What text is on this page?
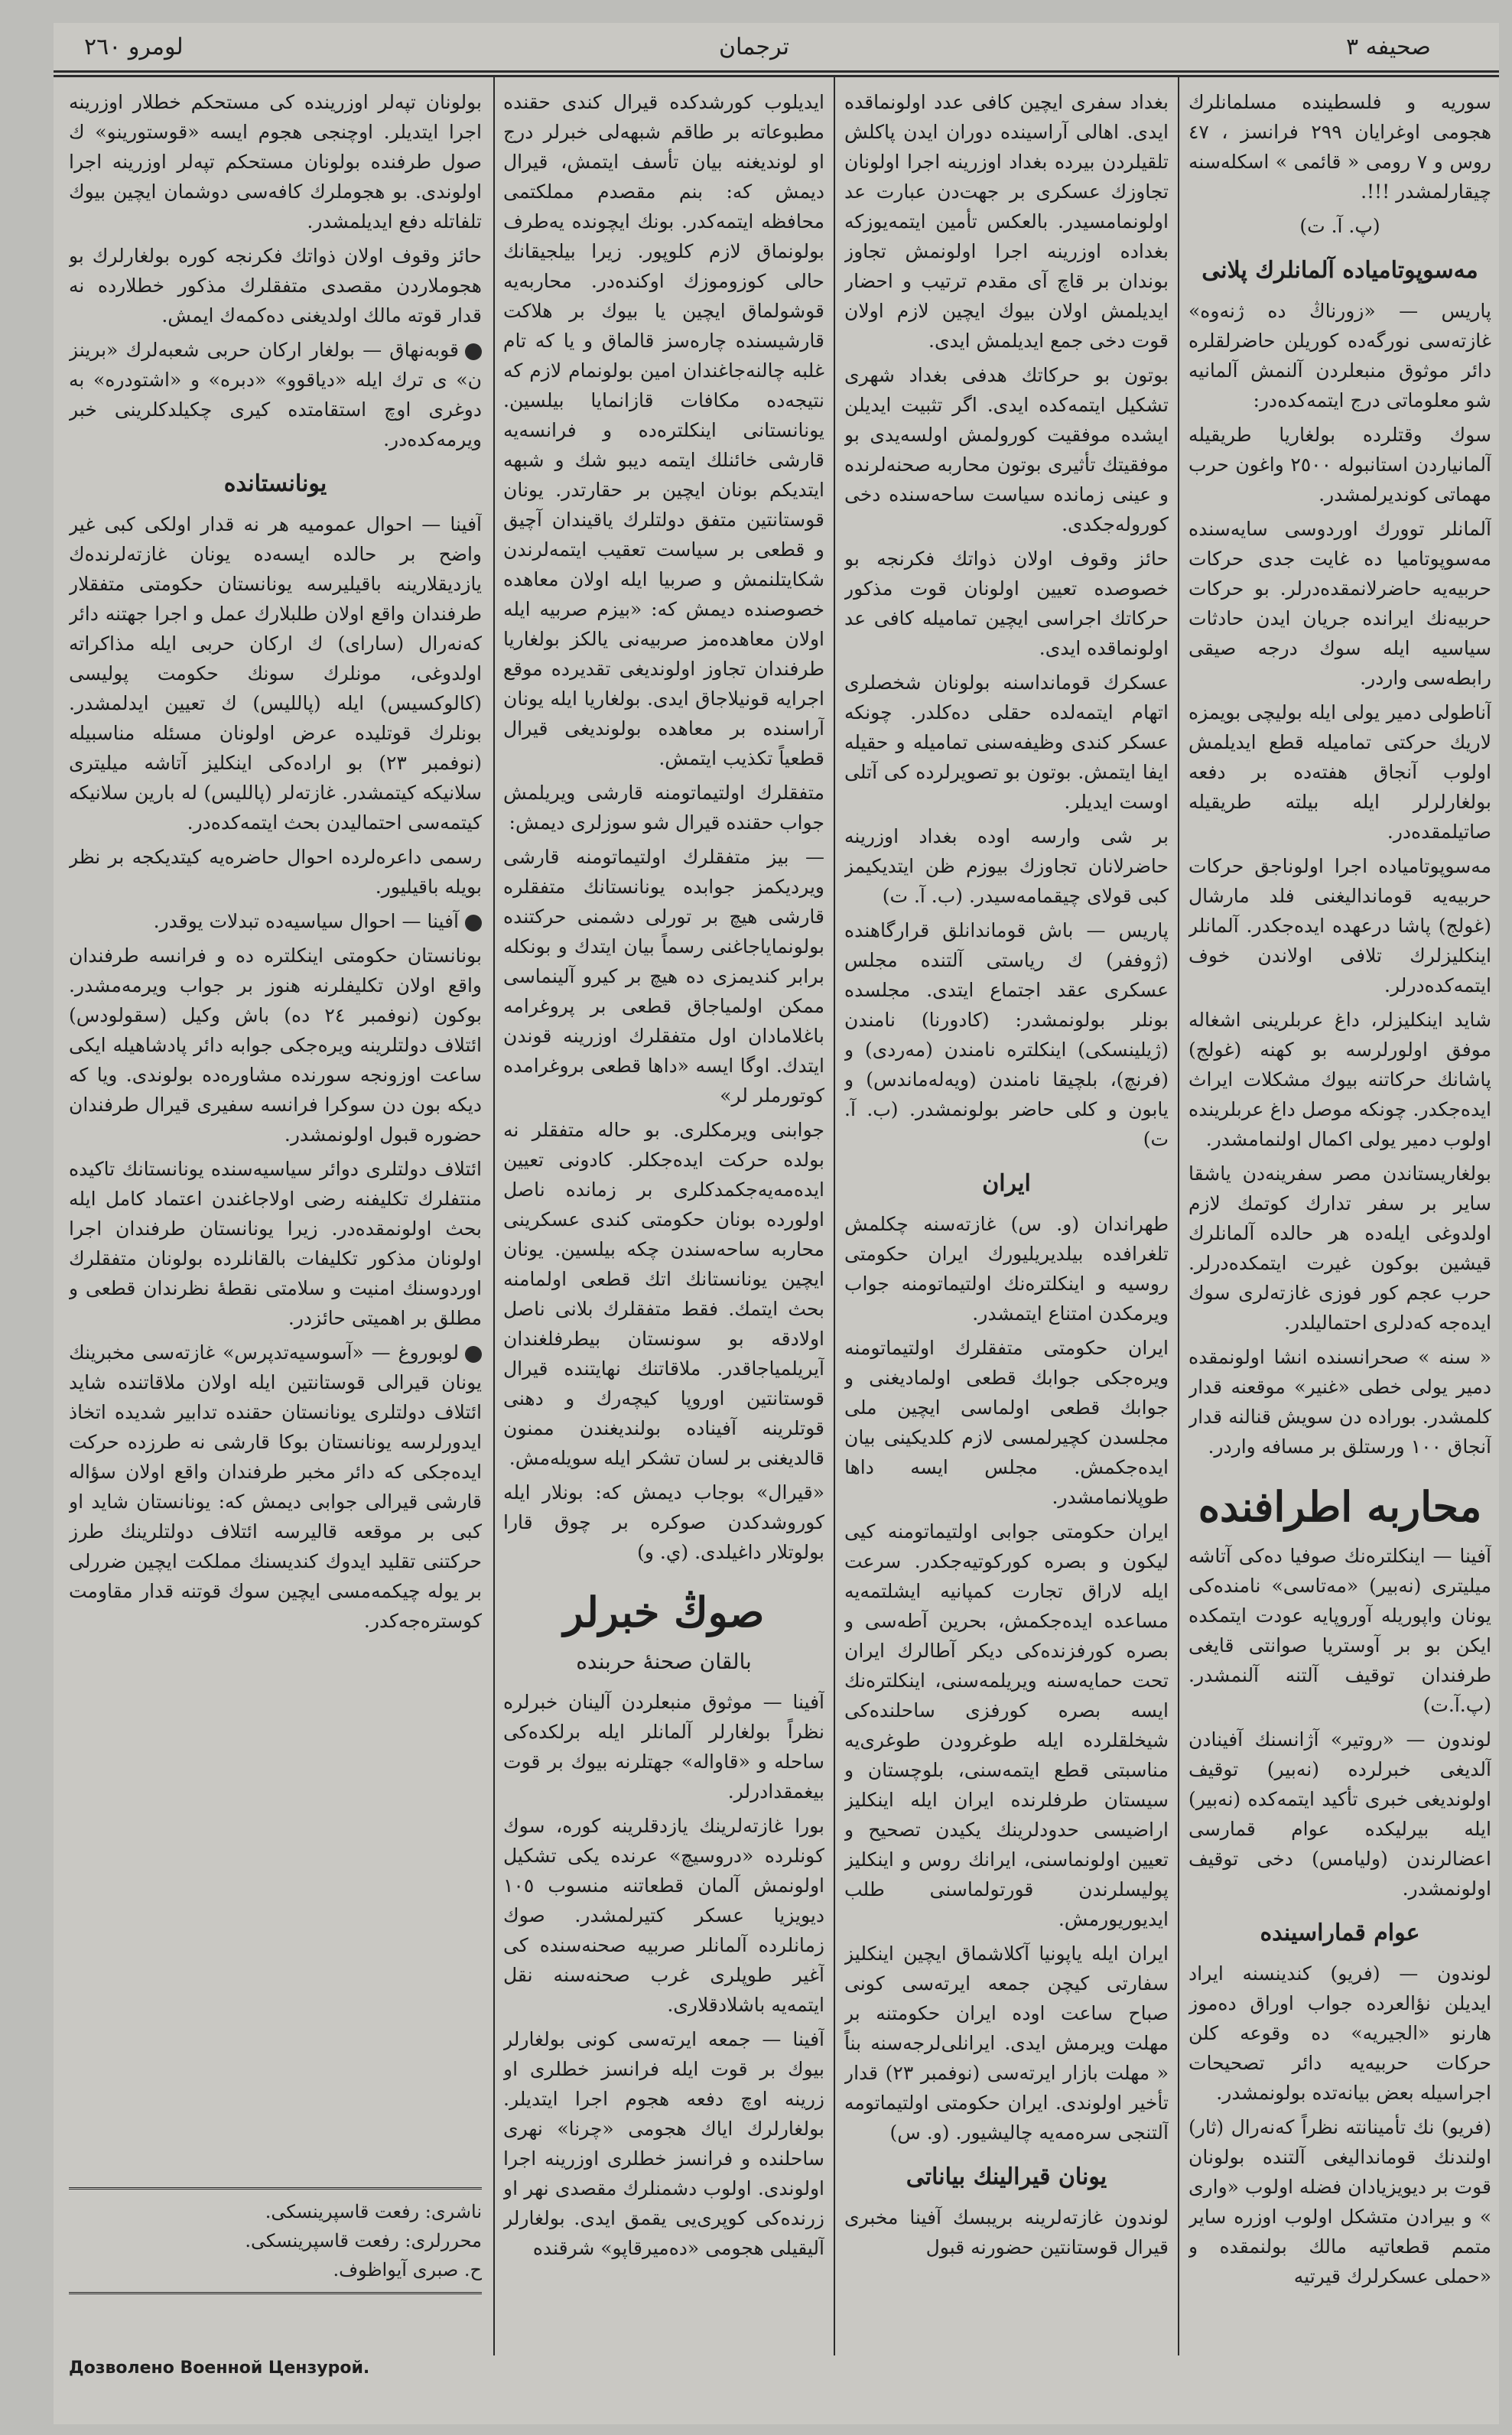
لومرو ٢٦٠	ترجمان	صحيفه ٣

سوريه و فلسطينده مسلمانلرك هجومى اوغرايان ٢٩٩ فرانسز ، ٤٧ روس و ٧ رومى « قائمى » اسكله‌سنه چيقارلمشدر !!!.

(پ. آ. ت)

مه‌سوپوتاميا‌ده آلمانلرك پلانى

پاريس — «زورناڭ ده ژنه‌وه» غازته‌سى نورگه‌ده كوريلن حاضرلقلره دائر موثوق منبعلردن آلنمش آلمانيه شو معلوماتى درج ايتمه‌كده‌در:

سوك وقتلرده بولغاريا طريقيله آلمانياردن استانبوله ٢٥٠٠ واغون حرب مهماتى كونديرلمشدر.

آلمانلر توورك اوردوسى سايه‌سنده مه‌سوپوتاميا ده غايت جدى حركات حربيه‌يه حاضرلانمقده‌درلر. بو حركات حربيه‌نك ايرانده جريان ايدن حادثات سياسيه ايله سوك درجه صيقى رابطه‌سى واردر.

آناطولى دمير يولى ايله بوليچى بويمزه لاريك حركتى تماميله قطع ايديلمش اولوب آنجاق هفته‌ده بر دفعه بولغارلرلر ايله بيلته طريقيله صاتيلمقده‌در.

مه‌سوپوتاميا‌ده اجرا اولوناجق حركات حربيه‌يه قومانداليغنى فلد مارشال (غولج) پاشا درعهده ايده‌جكدر. آلمانلر اينكليزلرك تلافى اولاندن خوف ايتمه‌كده‌درلر.

شايد اينكليزلر، داغ عربلرينى اشغاله موفق اولورلرسه بو كهنه (غولج) پاشانك حركاتنه بيوك مشكلات ايراث ايده‌جكدر. چونكه موصل داغ عربلرينده اولوب دمير يولى اكمال اولنمامشدر.

بولغاريستاندن مصر سفرينه‌دن ياشقا ساير بر سفر تدارك كوتمك لازم اولدوغى ايله‌ده هر حالده آلمانلرك قيشين بوكون غيرت ايتمكده‌درلر. حرب عجم كور فوزى غازته‌لرى سوك ايده‌جه كه‌دلرى احتماليلدر.

« سنه » صحرانسنده انشا اولونمقده دمير يولى خطى «غنير» موقعنه قدار كلمشدر. بوراده دن سويش قنالنه قدار آنجاق ١٠٠ ورستلق بر مسافه واردر.

محاربه اطرافنده

آفينا — اينكلتره‌نك صوفيا ده‌كى آتاشه ميليترى (نه‌بير) «مه‌تاسى» نامنده‌كى يونان واپوريله آوروپايه عودت ايتمكده ايكن بو بر آوستريا صوانتى قايغى طرفندان توقيف آلتنه آلنمشدر. (پ.آ.ت)

لوندون — «روتير» آژانسنك آفينادن آلديغى خبرلرده (نه‌بير) توقيف اولونديغى خبرى تأكيد ايتمه‌كده (نه‌بير) ايله بيرليكده عوام قمارسى اعضالرندن (وليامس) دخى توقيف اولونمشدر.

عوام قماراسينده

لوندون — (فريو) كندينسنه ايراد ايديلن نؤالعرده جواب اوراق ده‌موز هارنو «الجيريه» ده وقوعه كلن حركات حربيه‌يه دائر تصحيحات اجراسيله بعض بيانه‌تده بولونمشدر.

(فريو) نك تأمينانته نظراً كه‌نه‌رال (ثار) اولندنك قومانداليغى آلتنده بولونان قوت بر ديويزيادان فضله اولوب «وارى » و بيرادن متشكل اولوب اوزره ساير متمم قطعاتيه مالك بولنمقده و «حملى عسكرلرك قيرتيه

بغداد سفرى ايچين كافى عدد اولونماقده ايدى. اهالى آراسينده دوران ايدن پاكلش تلقيلردن بيرده بغداد اوزرينه اجرا اولونان تجاوزك عسكرى بر جهت‌دن عبارت عد اولونمامسيدر. بالعكس تأمين ايتمه‌يوزكه بغداده اوزرينه اجرا اولونمش تجاوز بوندان بر قاچ آى مقدم ترتيب و احضار ايديلمش اولان بيوك ايچين لازم اولان قوت دخى جمع ايديلمش ايدى.

بوتون بو حركاتك هدفى بغداد شهرى تشكيل ايتمه‌كده ايدى. اگر تثبيت ايديلن ايشده موفقيت كورولمش اولسه‌يدى بو موفقيتك تأثيرى بوتون محاربه صحنه‌لرنده و عينى زمانده سياست ساحه‌سنده دخى كوروله‌جكدى.

حائز وقوف اولان ذواتك فكرنجه بو خصوصده تعيين اولونان قوت مذكور حركاتك اجراسى ايچين تماميله كافى عد اولونماقده ايدى.

عسكرك قومانداسنه بولونان شخصلرى اتهام ايتمه‌لده حقلى ده‌كلدر. چونكه عسكر كندى وظيفه‌سنى تماميله و حقيله ايفا ايتمش. بوتون بو تصويرلرده كى آتلى اوست ايديلر.

بر شى وارسه اوده بغداد اوزرينه حاضرلانان تجاوزك بيوزم ظن ايتديكيمز كبى قولاى چيقمامه‌سيدر. (ب. آ. ت)

پاريس — باش قوماندانلق قرارگاهنده (ژوففر) ك رياستى آلتنده مجلس عسكرى عقد اجتماع ايتدى. مجلسده بونلر بولونمشدر: (كادورنا) نامندن (ژيلينسكى) اينكلتره نامندن (مه‌ردى) و (فرنچ)، بلچيقا نامندن (ويه‌له‌ماندس) و يابون و كلى حاضر بولونمشدر. (ب. آ. ت)

ايران

طهراندان (و. س) غازته‌سنه چكلمش تلغرافده بيلديريليورك ايران حكومتى روسيه و اينكلتره‌نك اولتيماتومنه جواب ويرمكدن امتناع ايتمشدر.

ايران حكومتى متفقلرك اولتيماتومنه ويره‌جكى جوابك قطعى اولماديغنى و جوابك قطعى اولماسى ايچين ملى مجلسدن كچيرلمسى لازم كلديكينى بيان ايده‌جكمش. مجلس ايسه داها طوپلانمامشدر.

ايران حكومتى جوابى اولتيماتومنه كيى ليكون و بصره كوركوتيه‌جكدر. سرعت ايله لاراق تجارت كمپانيه ايشلتمه‌يه مساعده ايده‌جكمش، بحرين آطه‌سى و بصره كورفزنده‌كى ديكر آطالرك ايران تحت حمايه‌سنه ويريلمه‌سنى، اينكلتره‌نك ايسه بصره كورفزى ساحلنده‌كى شيخلقلرده ايله طوغرودن طوغرى‌يه مناسبتى قطع ايتمه‌سنى، بلوچستان و سيستان طرفلرنده ايران ايله اينكليز اراضيسى حدودلرينك يكيدن تصحيح و تعيين اولونماسنى، ايرانك روس و اينكليز پوليسلرندن قورتولماسنى طلب ايديوريورمش.

ايران ايله ياپونيا آكلاشماق ايچين اينكليز سفارتى كيچن جمعه ايرته‌سى كونى صباح ساعت اوده ايران حكومتنه بر مهلت ويرمش ايدى. ايرانلى‌لرجه‌سنه بناً « مهلت بازار ايرته‌سى (نوفمبر ٢٣) قدار تأخير اولوندى. ايران حكومتى اولتيماتومه آلتنجى سره‌مه‌يه چاليشيور. (و. س)

يونان قيرالينك بياناتى

لوندون غازته‌لرينه بريبسك آفينا مخبرى قيرال قوستانتين حضورنه قبول

ايديلوب كورشدكده قيرال كندى حقنده مطبوعاته بر طاقم شبهه‌لى خبرلر درج او لونديغنه بيان تأسف ايتمش، قيرال ديمش كه: بنم مقصدم مملكتمى محافظه ايتمه‌كدر. بونك ايچونده يه‌طرف بولونماق لازم كلوپور. زيرا بيلجيقانك حالى كوزوموزك اوكنده‌در. محاربه‌يه قوشولماق ايچين يا بيوك بر هلاكت قارشيسنده چاره‌سز قالماق و يا كه تام غلبه چالنه‌جاغندان امين بولونمام لازم كه نتيجه‌ده مكافات قازانمايا بيلسين. يونانستانى اينكلتره‌ده و فرانسه‌يه قارشى خائنلك ايتمه ديبو شك و شبهه ايتديكم بونان ايچين بر حقارتدر. يونان قوستانتين متفق دولتلرك ياقيندان آچيق و قطعى بر سياست تعقيب ايتمه‌لرندن شكايتلنمش و صربيا ايله اولان معاهده خصوصنده ديمش كه: «بيزم صربيه ايله اولان معاهده‌مز صربيه‌نى يالكز بولغاريا طرفندان تجاوز اولونديغى تقديرده موقع اجرايه قونيلاجاق ايدى. بولغاريا ايله يونان آراسنده بر معاهده بولونديغى قيرال قطعياً تكذيب ايتمش.

متفقلرك اولتيماتومنه قارشى ويريلمش جواب حقنده قيرال شو سوزلرى ديمش:

— بيز متفقلرك اولتيماتومنه قارشى ويرديكمز جوابده يونانستانك متفقلره قارشى هيچ بر تورلى دشمنى حركتنده بولونماياجاغنى رسماً بيان ايتدك و بونكله برابر كنديمزى ده هيچ بر كيرو آلينماسى ممكن اولمياجاق قطعى بر پروغرامه باغلامادان اول متفقلرك اوزرينه قوندن ايتدك. اوگا ايسه «داها قطعى بروغرامده كوتورملر لر»

جوابنى ويرمكلرى. بو حاله متفقلر نه بولده حركت ايده‌جكلر. كادونى تعيين ايده‌مه‌يه‌جكمدكلرى بر زمانده ناصل اولورده بونان حكومتى كندى عسكرينى محاربه ساحه‌سندن چكه بيلسين. يونان ايچين يونانستانك اتك قطعى اولمامنه بحث ايتمك. فقط متفقلرك بلانى ناصل اولادقه بو سونستان بيطرفلغندان آيريلمياجاقدر. ملاقاتنك نهايتنده قيرال قوستانتين اوروپا كيچه‌رك و دهنى قوتلرينه آفيناده بولنديغندن ممنون قالديغنى بر لسان تشكر ايله سويله‌مش.

«قيرال» بوجاب ديمش كه: بونلار ايله كوروشدكدن صوكره بر چوق قارا بولوتلار داغيلدى. (ي. و)

صوڭ خبرلر

بالقان صحنهٔ حربنده

آفينا — موثوق منبعلردن آلينان خبرلره نظراً بولغارلر آلمانلر ايله برلكده‌كى ساحله و «قاواله» جهتلرنه بيوك بر قوت بيغمقدادرلر.

بورا غازته‌لرينك يازدقلرينه كوره، سوك كونلرده «دروسيچ» عرنده يكى تشكيل اولونمش آلمان قطعاتنه منسوب ١٠٥ ديويزيا عسكر كتيرلمشدر. صوك زمانلرده آلمانلر صربيه صحنه‌سنده كى آغير طوپلرى غرب صحنه‌سنه نقل ايتمه‌يه باشلادقلارى.

آفينا — جمعه ايرته‌سى كونى بولغارلر بيوك بر قوت ايله فرانسز خطلرى او زرينه اوچ دفعه هجوم اجرا ايتديلر. بولغارلرك اياك هجومى «چرنا» نهرى ساحلنده و فرانسز خطلرى اوزرينه اجرا اولوندى. اولوب دشمنلرك مقصدى نهر او زرنده‌كى كوپرى‌يى يقمق ايدى. بولغارلر آليقيلى هجومى «ده‌ميرقاپو» شرقنده

بولونان تپه‌لر اوزرينده كى مستحكم خطلار اوزرينه اجرا ايتديلر. اوچنجى هجوم ايسه «قوستورينو» ك صول طرفنده بولونان مستحكم تپه‌لر اوزرينه اجرا اولوندى. بو هجوملرك كافه‌سى دوشمان ايچين بيوك تلفاتله دفع ايديلمشدر.

حائز وقوف اولان ذواتك فكرنجه كوره بولغارلرك بو هجوملاردن مقصدى متفقلرك مذكور خطلارده نه قدار قوته مالك اولديغنى ده‌كمه‌ك ايمش.

قوبه‌نهاق — بولغار اركان حربى شعبه‌لرك «برينز ن» ى ترك ايله «دياقوو» «دبره» و «اشتودره» به دوغرى اوچ استقامتده كيرى چكيلدكلرينى خبر ويرمه‌كده‌در.

يونانستانده

آفينا — احوال عموميه هر نه قدار اولكى كبى غير واضح بر حالده ايسه‌ده يونان غازته‌لرنده‌ك يازديقلارينه باقيليرسه يونانستان حكومتى متفقلار طرفندان واقع اولان طلبلارك عمل و اجرا جهتنه دائر كه‌نه‌رال (ساراى) ك اركان حربى ايله مذاكراته اولدوغى، مونلرك سونك حكومت پوليسى (كالوكسيس) ايله (پالليس) ك تعيين ايدلمشدر. بونلرك قوتليده عرض اولونان مسئله مناسبيله (نوفمبر ٢٣) بو اراده‌كى اينكليز آتاشه ميليترى سلانيكه كيتمشدر. غازته‌لر (پالليس) له بارين سلانيكه كيتمه‌سى احتماليدن بحث ايتمه‌كده‌در.

رسمى داعره‌لرده احوال حاضره‌يه كيتديكجه بر نظر بويله باقيليور.

آفينا — احوال سياسيه‌ده تبدلات يوقدر.

بونانستان حكومتى اينكلتره ده و فرانسه طرفندان واقع اولان تكليفلرنه هنوز بر جواب ويرمه‌مشدر. بوكون (نوفمبر ٢٤ ده) باش وكيل (سقولودس) ائتلاف دولتلرينه ويره‌جكى جوابه دائر پادشاهيله ايكى ساعت اوزونجه سورنده مشاوره‌ده بولوندى. ويا كه ديكه بون دن سوكرا فرانسه سفيرى قيرال طرفندان حضوره قبول اولونمشدر.

ائتلاف دولتلرى دوائر سياسيه‌سنده يونانستانك تاكيده منتفلرك تكليفنه رضى اولاجاغندن اعتماد كامل ايله بحث اولونمقده‌در. زيرا يونانستان طرفندان اجرا اولونان مذكور تكليفات بالقانلرده بولونان متفقلرك اوردوسنك امنيت و سلامتى نقطهٔ نظرندان قطعى و مطلق بر اهميتى حائزدر.

لوبوروغ — «آسوسيه‌تدپرس» غازته‌سى مخبرينك يونان قيرالى قوستانتين ايله اولان ملاقاتنده شايد ائتلاف دولتلرى يونانستان حقنده تدابير شديده اتخاذ ايدورلرسه يونانستان بوكا قارشى نه طرزده حركت ايده‌جكى كه دائر مخبر طرفندان واقع اولان سؤاله قارشى قيرالى جوابى ديمش كه: يونانستان شايد او كبى بر موقعه قاليرسه ائتلاف دولتلرينك طرز حركتنى تقليد ايدوك كنديسنك مملكت ايچين ضررلى بر يوله چيكمه‌مسى ايچين سوك قوتنه قدار مقاومت كوستره‌جه‌كدر.

ناشرى: رفعت قاسپرينسكى.
محررلرى: رفعت قاسپرينسكى.
ح. صبرى آيواظوف.
Дозволено Военной Цензурой.
